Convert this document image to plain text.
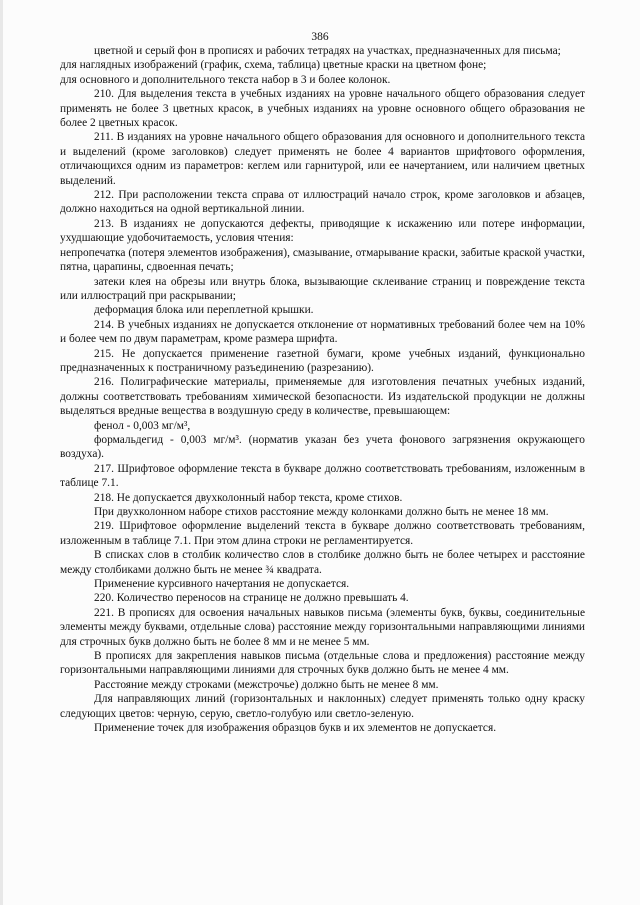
386

цветной и серый фон в прописях и рабочих тетрадях на участках, предназначенных для письма;

для наглядных изображений (график, схема, таблица) цветные краски на цветном фоне;

для основного и дополнительного текста набор в 3 и более колонок.

210. Для выделения текста в учебных изданиях на уровне начального общего образования следует применять не более 3 цветных красок, в учебных изданиях на уровне основного общего образования не более 2 цветных красок.

211. В изданиях на уровне начального общего образования для основного и дополнительного текста и выделений (кроме заголовков) следует применять не более 4 вариантов шрифтового оформления, отличающихся одним из параметров: кеглем или гарнитурой, или ее начертанием, или наличием цветных выделений.

212. При расположении текста справа от иллюстраций начало строк, кроме заголовков и абзацев, должно находиться на одной вертикальной линии.

213. В изданиях не допускаются дефекты, приводящие к искажению или потере информации, ухудшающие удобочитаемость, условия чтения:

непропечатка (потеря элементов изображения), смазывание, отмарывание краски, забитые краской участки, пятна, царапины, сдвоенная печать;

затеки клея на обрезы или внутрь блока, вызывающие склеивание страниц и повреждение текста или иллюстраций при раскрывании;

деформация блока или переплетной крышки.

214. В учебных изданиях не допускается отклонение от нормативных требований более чем на 10% и более чем по двум параметрам, кроме размера шрифта.

215. Не допускается применение газетной бумаги, кроме учебных изданий, функционально предназначенных к постраничному разъединению (разрезанию).

216. Полиграфические материалы, применяемые для изготовления печатных учебных изданий, должны соответствовать требованиям химической безопасности. Из издательской продукции не должны выделяться вредные вещества в воздушную среду в количестве, превышающем:

фенол - 0,003 мг/м³,

формальдегид - 0,003 мг/м³. (норматив указан без учета фонового загрязнения окружающего воздуха).

217. Шрифтовое оформление текста в букваре должно соответствовать требованиям, изложенным в таблице 7.1.

218. Не допускается двухколонный набор текста, кроме стихов.

При двухколонном наборе стихов расстояние между колонками должно быть не менее 18 мм.

219. Шрифтовое оформление выделений текста в букваре должно соответствовать требованиям, изложенным в таблице 7.1. При этом длина строки не регламентируется.

В списках слов в столбик количество слов в столбике должно быть не более четырех и расстояние между столбиками должно быть не менее ¾ квадрата.

Применение курсивного начертания не допускается.

220. Количество переносов на странице не должно превышать 4.

221. В прописях для освоения начальных навыков письма (элементы букв, буквы, соединительные элементы между буквами, отдельные слова) расстояние между горизонтальными направляющими линиями для строчных букв должно быть не более 8 мм и не менее 5 мм.

В прописях для закрепления навыков письма (отдельные слова и предложения) расстояние между горизонтальными направляющими линиями для строчных букв должно быть не менее 4 мм.

Расстояние между строками (межстрочье) должно быть не менее 8 мм.

Для направляющих линий (горизонтальных и наклонных) следует применять только одну краску следующих цветов: черную, серую, светло-голубую или светло-зеленую.

Применение точек для изображения образцов букв и их элементов не допускается.
